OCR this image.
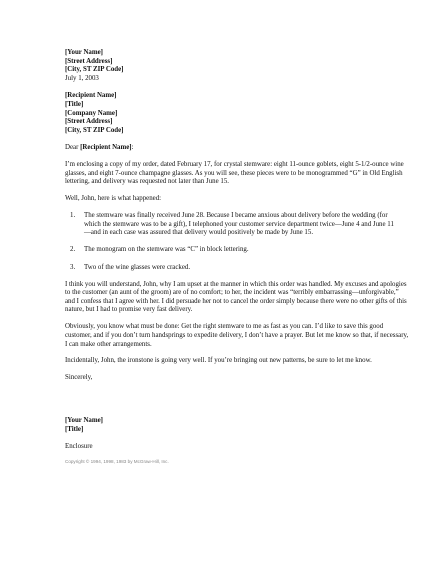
[Your Name]
[Street Address]
[City, ST ZIP Code]
July 1, 2003
[Recipient Name]
[Title]
[Company Name]
[Street Address]
[City, ST ZIP Code]

Dear [Recipient Name]:

I’m enclosing a copy of my order, dated February 17, for crystal stemware: eight 11-ounce goblets, eight 5-1/2-ounce wine glasses, and eight 7-ounce champagne glasses. As you will see, these pieces were to be monogrammed “G” in Old English lettering, and delivery was requested not later than June 15.

Well, John, here is what happened:

1.	The stemware was finally received June 28. Because I became anxious about delivery before the wedding (for which the stemware was to be a gift), I telephoned your customer service department twice—June 4 and June 11—and in each case was assured that delivery would positively be made by June 15.
2.	The monogram on the stemware was “C” in block lettering.
3.	Two of the wine glasses were cracked.

I think you will understand, John, why I am upset at the manner in which this order was handled. My excuses and apologies to the customer (an aunt of the groom) are of no comfort; to her, the incident was “terribly embarrassing—unforgivable,” and I confess that I agree with her. I did persuade her not to cancel the order simply because there were no other gifts of this nature, but I had to promise very fast delivery.

Obviously, you know what must be done: Get the right stemware to me as fast as you can. I’d like to save this good customer, and if you don’t turn handsprings to expedite delivery, I don’t have a prayer. But let me know so that, if necessary, I can make other arrangements.

Incidentally, John, the ironstone is going very well. If you’re bringing out new patterns, be sure to let me know.

Sincerely,

[Your Name]
[Title]
Enclosure
Copyright © 1994, 1998, 1983 by McGraw-Hill, Inc.
